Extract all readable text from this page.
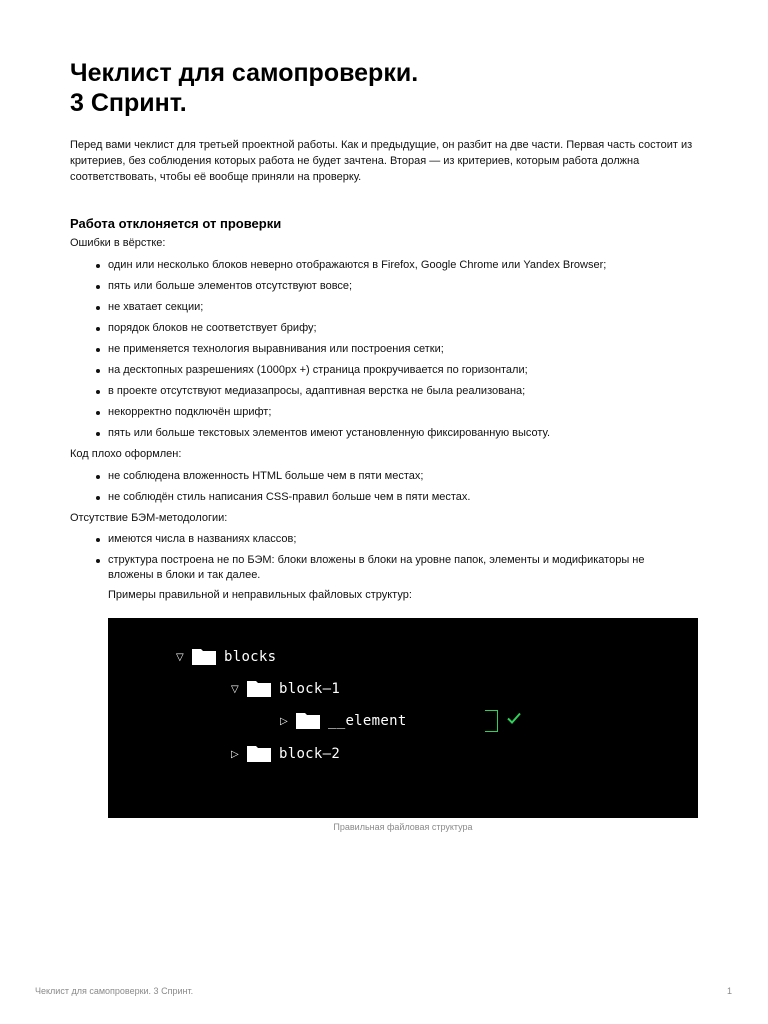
Чеклист для самопроверки.
3 Спринт.

Перед вами чеклист для третьей проектной работы. Как и предыдущие, он разбит на две части. Первая часть состоит из критериев, без соблюдения которых работа не будет зачтена. Вторая — из критериев, которым работа должна соответствовать, чтобы её вообще приняли на проверку.

Работа отклоняется от проверки

Ошибки в вёрстке:

один или несколько блоков неверно отображаются в Firefox, Google Chrome или Yandex Browser;
пять или больше элементов отсутствуют вовсе;
не хватает секции;
порядок блоков не соответствует брифу;
не применяется технология выравнивания или построения сетки;
на десктопных разрешениях (1000px +) страница прокручивается по горизонтали;
в проекте отсутствуют медиазапросы, адаптивная верстка не была реализована;
некорректно подключён шрифт;
пять или больше текстовых элементов имеют установленную фиксированную высоту.

Код плохо оформлен:

не соблюдена вложенность HTML больше чем в пяти местах;
не соблюдён стиль написания CSS-правил больше чем в пяти местах.

Отсутствие БЭМ-методологии:

имеются числа в названиях классов;
структура построена не по БЭМ: блоки вложены в блоки на уровне папок, элементы и модификаторы не вложены в блоки и так далее.

Примеры правильной и неправильных файловых структур:

▽	blocks
▽	block—1
▷	__element
▷	block—2

Правильная файловая структура

Чеклист для самопроверки. 3 Спринт.	1
